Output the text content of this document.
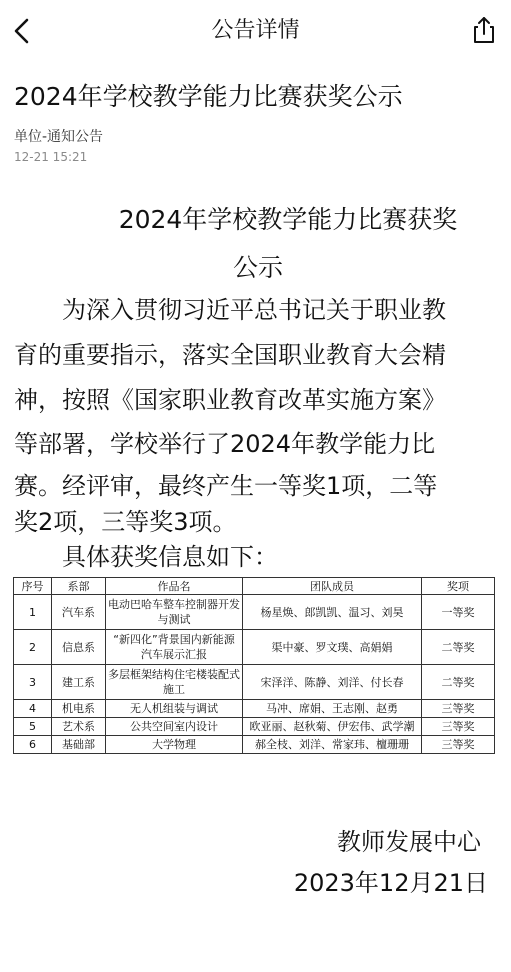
公告详情
2024年学校教学能力比赛获奖公示
单位-通知公告
12-21 15:21
2024年学校教学能力比赛获奖
公示
　　为深入贯彻习近平总书记关于职业教
育的重要指示，落实全国职业教育大会精
神，按照《国家职业教育改革实施方案》
等部署，学校举行了2024年教学能力比
赛。经评审，最终产生一等奖1项，二等
奖2项，三等奖3项。
　　具体获奖信息如下：
序号	系部	作品名	团队成员	奖项
1	汽车系	电动巴哈车整车控制器开发与测试	杨星焕、郎凯凯、温习、刘昊	一等奖
2	信息系	“新四化”背景国内新能源汽车展示汇报	渠中豪、罗文璞、高娟娟	二等奖
3	建工系	多层框架结构住宅楼装配式施工	宋泽洋、陈静、刘洋、付长春	二等奖
4	机电系	无人机组装与调试	马冲、席娟、王志刚、赵勇	三等奖
5	艺术系	公共空间室内设计	欧亚丽、赵秋菊、伊宏伟、武学潮	三等奖
6	基础部	大学物理	郝全枝、刘洋、常家玮、檀珊珊	三等奖
教师发展中心
2023年12月21日
